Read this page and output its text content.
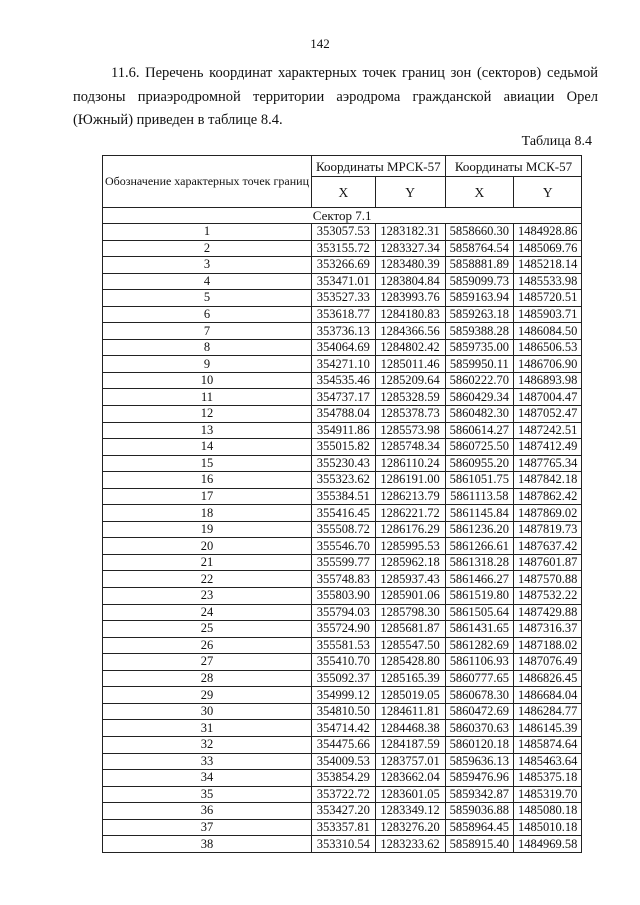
142

11.6. Перечень координат характерных точек границ зон (секторов) седьмой подзоны приаэродромной территории аэродрома гражданской авиации Орел (Южный) приведен в таблице 8.4.

Таблица 8.4
Обозначение характерных точек границ	Координаты МРСК-57		Координаты МСК-57	
	X	Y	X	Y
Сектор 7.1				
1	353057.53	1283182.31	5858660.30	1484928.86
2	353155.72	1283327.34	5858764.54	1485069.76
3	353266.69	1283480.39	5858881.89	1485218.14
4	353471.01	1283804.84	5859099.73	1485533.98
5	353527.33	1283993.76	5859163.94	1485720.51
6	353618.77	1284180.83	5859263.18	1485903.71
7	353736.13	1284366.56	5859388.28	1486084.50
8	354064.69	1284802.42	5859735.00	1486506.53
9	354271.10	1285011.46	5859950.11	1486706.90
10	354535.46	1285209.64	5860222.70	1486893.98
11	354737.17	1285328.59	5860429.34	1487004.47
12	354788.04	1285378.73	5860482.30	1487052.47
13	354911.86	1285573.98	5860614.27	1487242.51
14	355015.82	1285748.34	5860725.50	1487412.49
15	355230.43	1286110.24	5860955.20	1487765.34
16	355323.62	1286191.00	5861051.75	1487842.18
17	355384.51	1286213.79	5861113.58	1487862.42
18	355416.45	1286221.72	5861145.84	1487869.02
19	355508.72	1286176.29	5861236.20	1487819.73
20	355546.70	1285995.53	5861266.61	1487637.42
21	355599.77	1285962.18	5861318.28	1487601.87
22	355748.83	1285937.43	5861466.27	1487570.88
23	355803.90	1285901.06	5861519.80	1487532.22
24	355794.03	1285798.30	5861505.64	1487429.88
25	355724.90	1285681.87	5861431.65	1487316.37
26	355581.53	1285547.50	5861282.69	1487188.02
27	355410.70	1285428.80	5861106.93	1487076.49
28	355092.37	1285165.39	5860777.65	1486826.45
29	354999.12	1285019.05	5860678.30	1486684.04
30	354810.50	1284611.81	5860472.69	1486284.77
31	354714.42	1284468.38	5860370.63	1486145.39
32	354475.66	1284187.59	5860120.18	1485874.64
33	354009.53	1283757.01	5859636.13	1485463.64
34	353854.29	1283662.04	5859476.96	1485375.18
35	353722.72	1283601.05	5859342.87	1485319.70
36	353427.20	1283349.12	5859036.88	1485080.18
37	353357.81	1283276.20	5858964.45	1485010.18
38	353310.54	1283233.62	5858915.40	1484969.58
